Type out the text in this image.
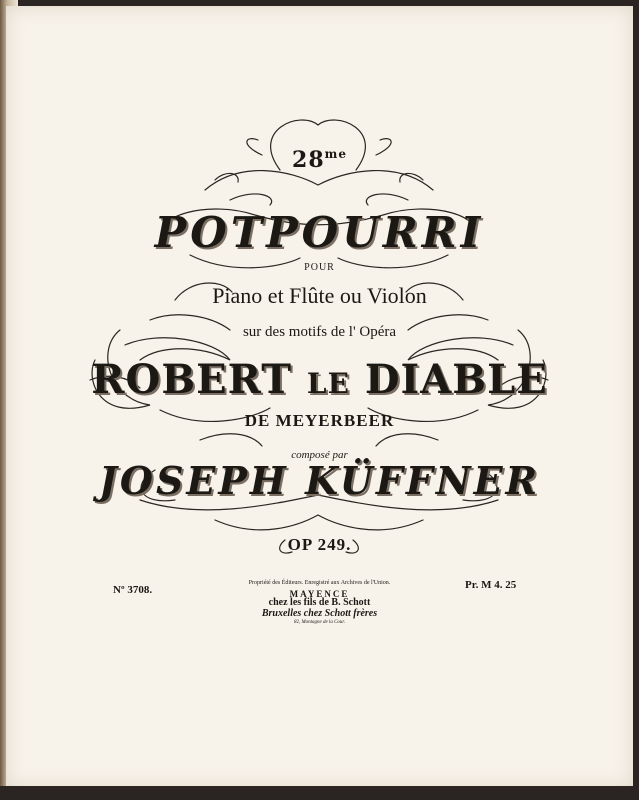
$28^{me}$
POTPOURRI
POUR
Piano et Flûte ou Violon
sur des motifs de l' Opéra
ROBERT LE DIABLE
DE MEYERBEER
composé par
JOSEPH KÜFFNER
OP 249.
Nº 3708.	Pr. M 4. 25
Propriété des Éditeurs. Enregistré aux Archives de l'Union.
MAYENCE
chez les fils de B. Schott
Bruxelles chez Schott frères
82, Montagne de la Cour.
